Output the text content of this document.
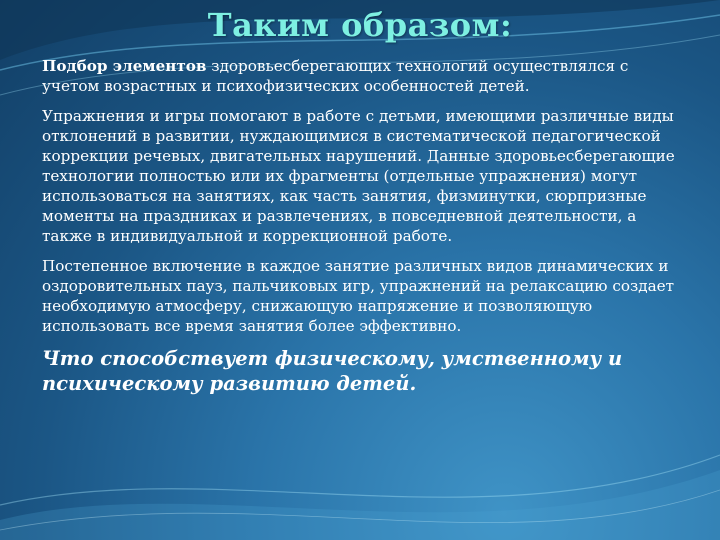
Таким образом:

Подбор элементов здоровьесберегающих технологий осуществлялся с учетом возрастных и психофизических особенностей детей.

Упражнения и игры помогают в работе с детьми, имеющими различные виды отклонений в развитии, нуждающимися в систематической педагогической коррекции речевых, двигательных нарушений. Данные здоровьесберегающие технологии полностью или их фрагменты (отдельные упражнения) могут использоваться на занятиях, как часть занятия, физминутки, сюрпризные моменты на праздниках и развлечениях, в повседневной деятельности, а также в индивидуальной и коррекционной работе.

Постепенное включение в каждое занятие различных видов динамических и оздоровительных пауз, пальчиковых игр, упражнений на релаксацию создает необходимую атмосферу, снижающую напряжение и позволяющую использовать все время занятия более эффективно.

Что способствует физическому, умственному и психическому развитию детей.
